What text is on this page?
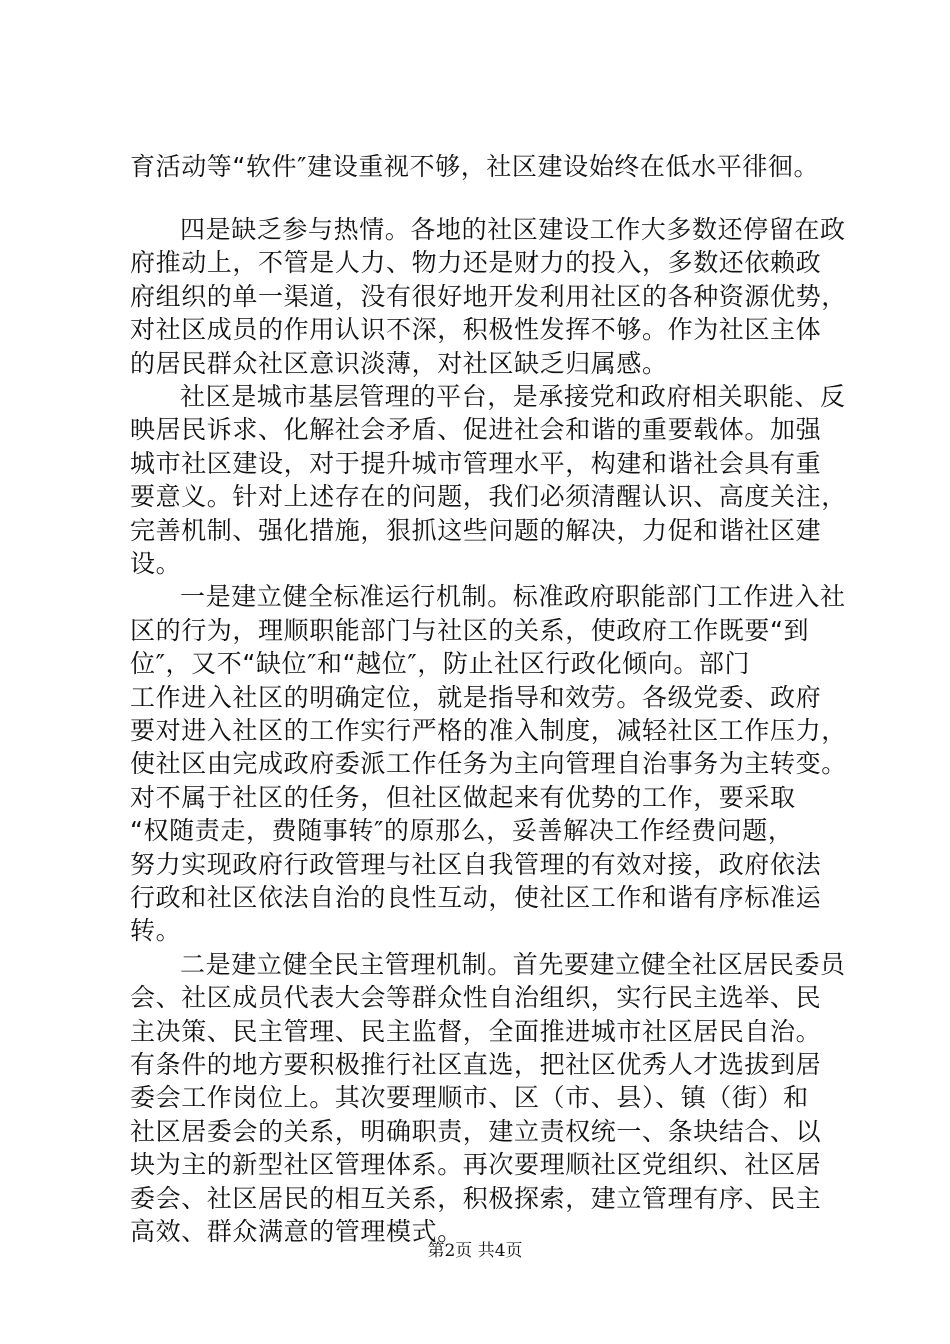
育活动等“软件″建设重视不够，社区建设始终在低水平徘徊。
四是缺乏参与热情。各地的社区建设工作大多数还停留在政
府推动上，不管是人力、物力还是财力的投入，多数还依赖政
府组织的单一渠道，没有很好地开发利用社区的各种资源优势，
对社区成员的作用认识不深，积极性发挥不够。作为社区主体
的居民群众社区意识淡薄，对社区缺乏归属感。
社区是城市基层管理的平台，是承接党和政府相关职能、反
映居民诉求、化解社会矛盾、促进社会和谐的重要载体。加强
城市社区建设，对于提升城市管理水平，构建和谐社会具有重
要意义。针对上述存在的问题，我们必须清醒认识、高度关注，
完善机制、强化措施，狠抓这些问题的解决，力促和谐社区建
设。
一是建立健全标准运行机制。标准政府职能部门工作进入社
区的行为，理顺职能部门与社区的关系，使政府工作既要“到
位″，又不“缺位″和“越位″，防止社区行政化倾向。部门
工作进入社区的明确定位，就是指导和效劳。各级党委、政府
要对进入社区的工作实行严格的准入制度，减轻社区工作压力，
使社区由完成政府委派工作任务为主向管理自治事务为主转变。
对不属于社区的任务，但社区做起来有优势的工作，要采取
“权随责走，费随事转″的原那么，妥善解决工作经费问题，
努力实现政府行政管理与社区自我管理的有效对接，政府依法
行政和社区依法自治的良性互动，使社区工作和谐有序标准运
转。
二是建立健全民主管理机制。首先要建立健全社区居民委员
会、社区成员代表大会等群众性自治组织，实行民主选举、民
主决策、民主管理、民主监督，全面推进城市社区居民自治。
有条件的地方要积极推行社区直选，把社区优秀人才选拔到居
委会工作岗位上。其次要理顺市、区（市、县）、镇（街）和
社区居委会的关系，明确职责，建立责权统一、条块结合、以
块为主的新型社区管理体系。再次要理顺社区党组织、社区居
委会、社区居民的相互关系，积极探索，建立管理有序、民主
高效、群众满意的管理模式。
第2页 共4页
